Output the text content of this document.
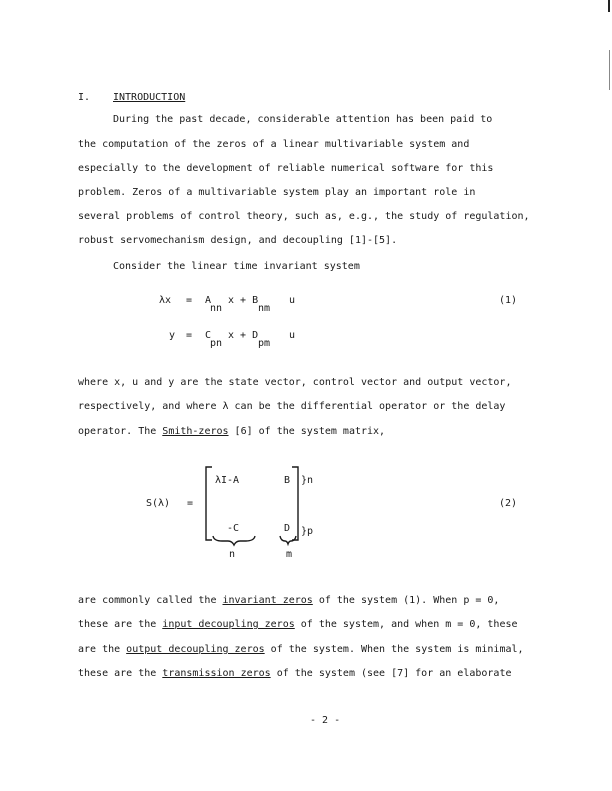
I. INTRODUCTION
During the past decade, considerable attention has been paid to
the computation of the zeros of a linear multivariable system and
especially to the development of reliable numerical software for this
problem. Zeros of a multivariable system play an important role in
several problems of control theory, such as, e.g., the study of regulation,
robust servomechanism design, and decoupling [1]-[5].
Consider the linear time invariant system
λx = A
nn
x + B
nm
u	(1)
y = C
pn
x + D
pm
u
where x, u and y are the state vector, control vector and output vector,
respectively, and where λ can be the differential operator or the delay
operator. The Smith-zeros [6] of the system matrix,
S(λ) =
λI-A	B }n
-C	D }p
n	m
(2)
are commonly called the invariant zeros of the system (1). When p = 0,
these are the input decoupling zeros of the system, and when m = 0, these
are the output decoupling zeros of the system. When the system is minimal,
these are the transmission zeros of the system (see [7] for an elaborate
- 2 -
